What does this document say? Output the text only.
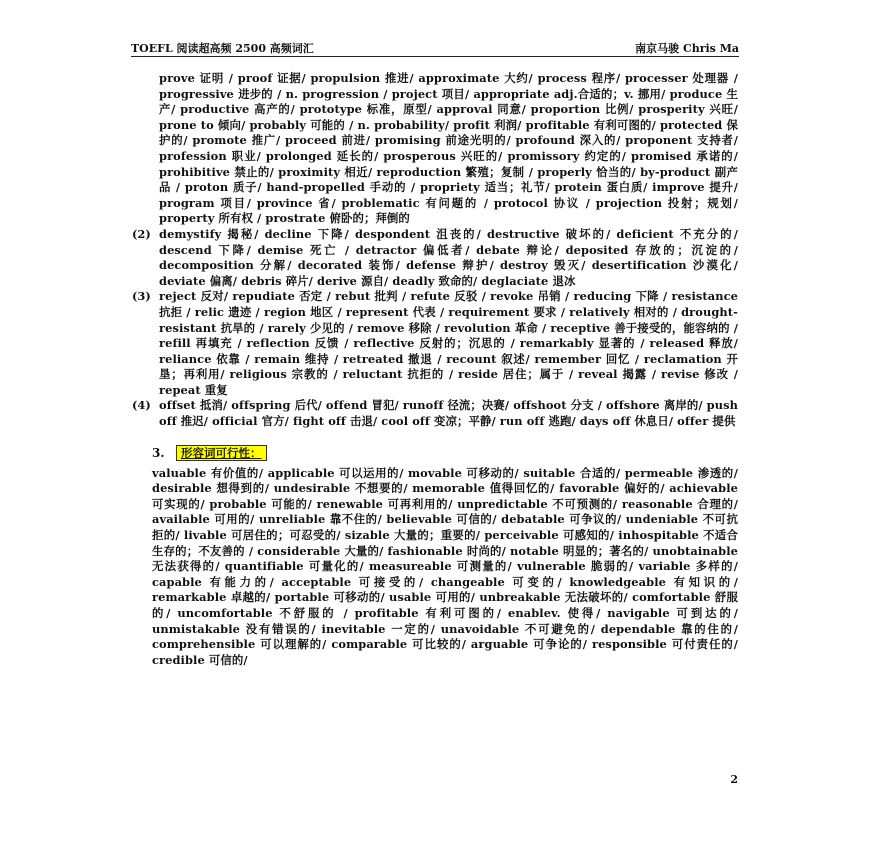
TOEFL 阅读超高频 2500 高频词汇	南京马骏 Chris Ma
prove 证明 / proof 证据/ propulsion 推进/ approximate 大约/ process 程序/ processer 处理器 / progressive 进步的 / n. progression / project 项目/ appropriate adj.合适的；v. 挪用/ produce 生产/ productive 高产的/ prototype 标准，原型/ approval 同意/ proportion 比例/ prosperity 兴旺/ prone to 倾向/ probably 可能的 / n. probability/ profit 利润/ profitable 有利可图的/ protected 保护的/ promote 推广/ proceed 前进/ promising 前途光明的/ profound 深入的/ proponent 支持者/ profession 职业/ prolonged 延长的/ prosperous 兴旺的/ promissory 约定的/ promised 承诺的/ prohibitive 禁止的/ proximity 相近/ reproduction 繁殖；复制 / properly 恰当的/ by-product 副产品 / proton 质子/ hand-propelled 手动的 / propriety 适当；礼节/ protein 蛋白质/ improve 提升/ program 项目/ province 省/ problematic 有问题的 / protocol 协议 / projection 投射；规划/ property 所有权 / prostrate 俯卧的；拜倒的
(2) demystify 揭秘/ decline 下降/ despondent 沮丧的/ destructive 破坏的/ deficient 不充分的/ descend 下降/ demise 死亡 / detractor 偏低者/ debate 辩论/ deposited 存放的；沉淀的/ decomposition 分解/ decorated 装饰/ defense 辩护/ destroy 毁灭/ desertification 沙漠化/ deviate 偏离/ debris 碎片/ derive 源自/ deadly 致命的/ deglaciate 退冰
(3) reject 反对/ repudiate 否定 / rebut 批判 / refute 反驳 / revoke 吊销 / reducing 下降 / resistance 抗拒 / relic 遗迹 / region 地区 / represent 代表 / requirement 要求 / relatively 相对的 / drought-resistant 抗旱的 / rarely 少见的 / remove 移除 / revolution 革命 / receptive 善于接受的，能容纳的 / refill 再填充 / reflection 反馈 / reflective 反射的；沉思的 / remarkably 显著的 / released 释放/ reliance 依靠 / remain 维持 / retreated 撤退 / recount 叙述/ remember 回忆 / reclamation 开垦；再利用/ religious 宗教的 / reluctant 抗拒的 / reside 居住；属于 / reveal 揭露 / revise 修改 / repeat 重复
(4) offset 抵消/ offspring 后代/ offend 冒犯/ runoff 径流；决赛/ offshoot 分支 / offshore 离岸的/ push off 推迟/ official 官方/ fight off 击退/ cool off 变凉；平静/ run off 逃跑/ days off 休息日/ offer 提供
3. 形容词可行性：
valuable 有价值的/ applicable 可以运用的/ movable 可移动的/ suitable 合适的/ permeable 渗透的/ desirable 想得到的/ undesirable 不想要的/ memorable 值得回忆的/ favorable 偏好的/ achievable 可实现的/ probable 可能的/ renewable 可再利用的/ unpredictable 不可预测的/ reasonable 合理的/ available 可用的/ unreliable 靠不住的/ believable 可信的/ debatable 可争议的/ undeniable 不可抗拒的/ livable 可居住的；可忍受的/ sizable 大量的；重要的/ perceivable 可感知的/ inhospitable 不适合生存的；不友善的 / considerable 大量的/ fashionable 时尚的/ notable 明显的；著名的/ unobtainable 无法获得的/ quantifiable 可量化的/ measureable 可测量的/ vulnerable 脆弱的/ variable 多样的/ capable 有能力的/ acceptable 可接受的/ changeable 可变的/ knowledgeable 有知识的/ remarkable 卓越的/ portable 可移动的/ usable 可用的/ unbreakable 无法破坏的/ comfortable 舒服的/ uncomfortable 不舒服的 / profitable 有利可图的/ enablev. 使得/ navigable 可到达的/ unmistakable 没有错误的/ inevitable 一定的/ unavoidable 不可避免的/ dependable 靠的住的/ comprehensible 可以理解的/ comparable 可比较的/ arguable 可争论的/ responsible 可付责任的/ credible 可信的/
2
